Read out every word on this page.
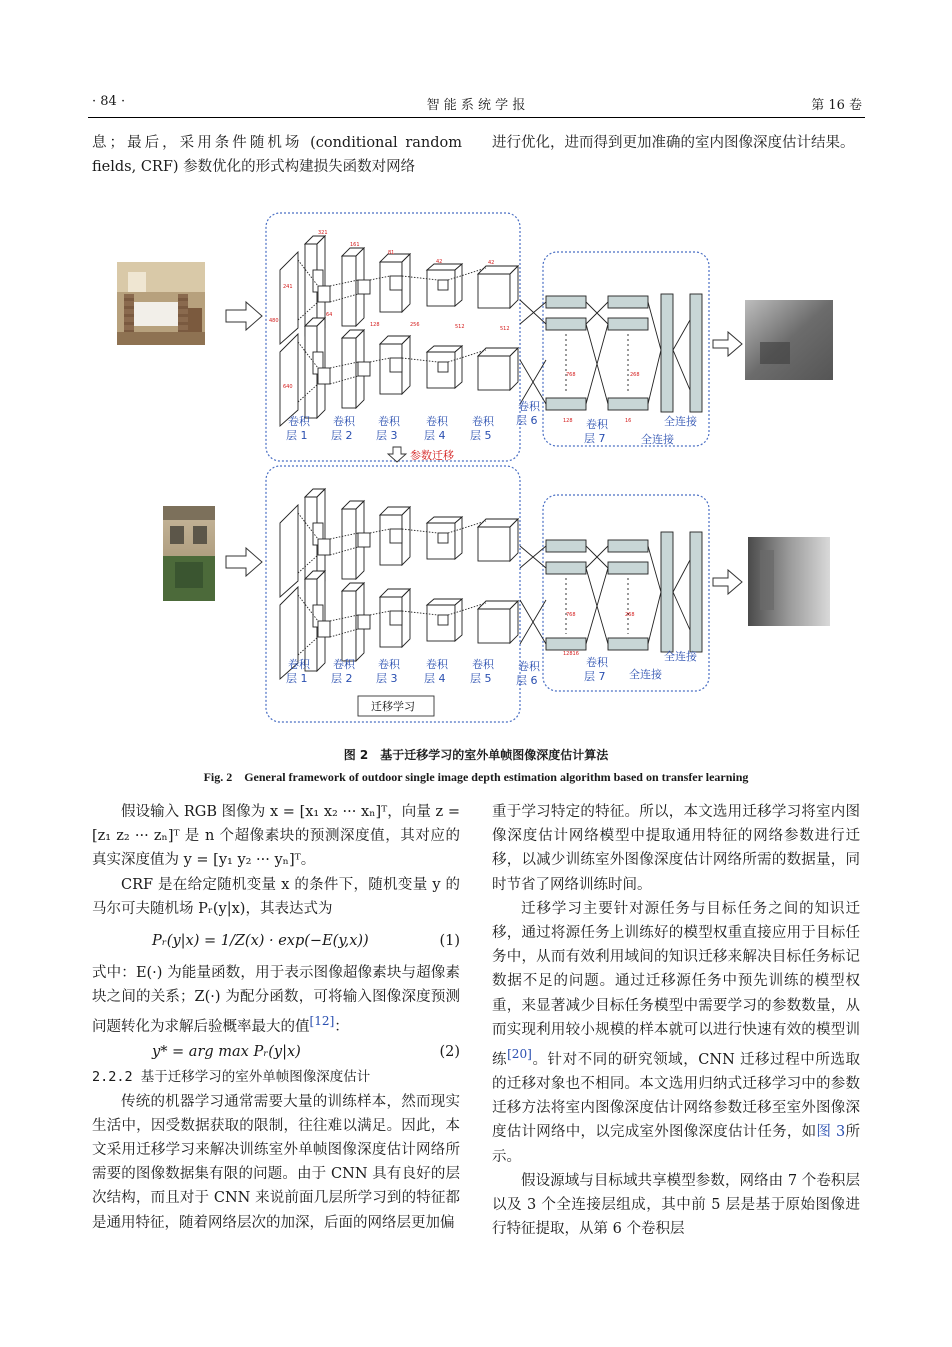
· 84 ·	智 能 系 统 学 报	第 16 卷
息；最后，采用条件随机场 (conditional random fields, CRF) 参数优化的形式构建损失函数对网络
进行优化，进而得到更加准确的室内图像深度估计结果。
241
321
161
81
42	42
64
128	256	512	512
480
640
768	268
128	16
12816
768	268
卷积层 1
卷积层 2
卷积层 3
卷积层 4
卷积层 5
卷积层 6	卷积层 7
全连接
全连接
卷积层 1
卷积层 2
卷积层 3
卷积层 4
卷积层 5
卷积层 6
卷积层 7
全连接
全连接
参数迁移
迁移学习
图 2　基于迁移学习的室外单帧图像深度估计算法
Fig. 2　General framework of outdoor single image depth estimation algorithm based on transfer learning

假设输入 RGB 图像为 x = [x₁ x₂ ··· xₙ]ᵀ，向量 z = [z₁ z₂ ··· zₙ]ᵀ 是 n 个超像素块的预测深度值，其对应的真实深度值为 y = [y₁ y₂ ··· yₙ]ᵀ。

CRF 是在给定随机变量 x 的条件下，随机变量 y 的马尔可夫随机场 Pᵣ(y|x)，其表达式为

Pᵣ(y|x) = 1/Z(x) · exp(−E(y,x))	(1)

式中：E(·) 为能量函数，用于表示图像超像素块与超像素块之间的关系；Z(·) 为配分函数，可将输入图像深度预测问题转化为求解后验概率最大的值[12]：

y* = arg max Pᵣ(y|x)	(2)

2.2.2 基于迁移学习的室外单帧图像深度估计

传统的机器学习通常需要大量的训练样本，然而现实生活中，因受数据获取的限制，往往难以满足。因此，本文采用迁移学习来解决训练室外单帧图像深度估计网络所需要的图像数据集有限的问题。由于 CNN 具有良好的层次结构，而且对于 CNN 来说前面几层所学习到的特征都是通用特征，随着网络层次的加深，后面的网络层更加偏

重于学习特定的特征。所以，本文选用迁移学习将室内图像深度估计网络模型中提取通用特征的网络参数进行迁移，以减少训练室外图像深度估计网络所需的数据量，同时节省了网络训练时间。

迁移学习主要针对源任务与目标任务之间的知识迁移，通过将源任务上训练好的模型权重直接应用于目标任务中，从而有效利用域间的知识迁移来解决目标任务标记数据不足的问题。通过迁移源任务中预先训练的模型权重，来显著减少目标任务模型中需要学习的参数数量，从而实现利用较小规模的样本就可以进行快速有效的模型训练[20]。针对不同的研究领域，CNN 迁移过程中所选取的迁移对象也不相同。本文选用归纳式迁移学习中的参数迁移方法将室内图像深度估计网络参数迁移至室外图像深度估计网络中，以完成室外图像深度估计任务，如图 3所示。

假设源域与目标域共享模型参数，网络由 7 个卷积层以及 3 个全连接层组成，其中前 5 层是基于原始图像进行特征提取，从第 6 个卷积层
